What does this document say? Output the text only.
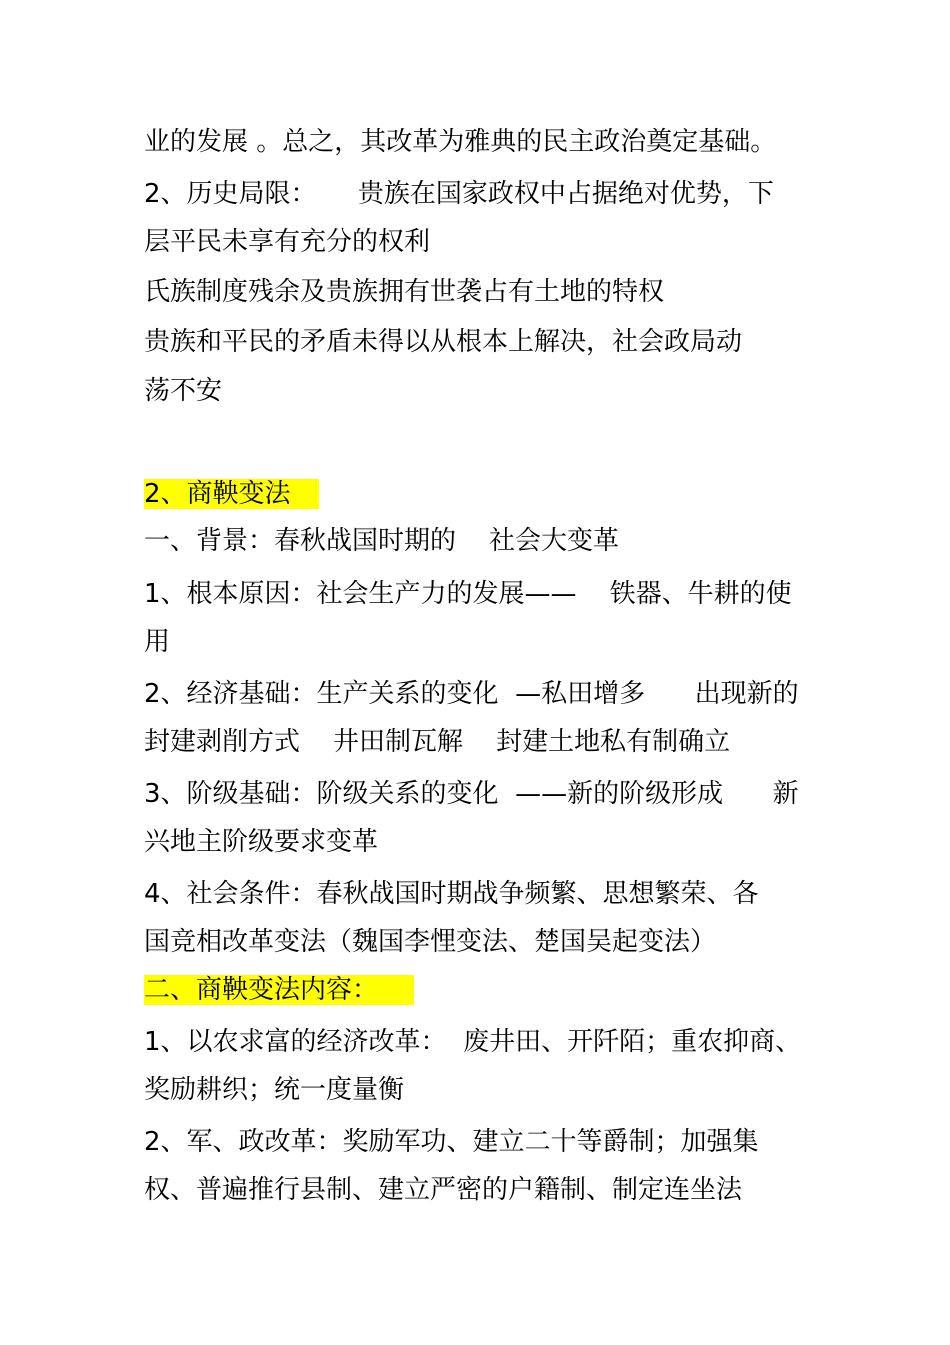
业的发展 。总之，其改革为雅典的民主政治奠定基础。

2、历史局限：     贵族在国家政权中占据绝对优势，下

层平民未享有充分的权利

氏族制度残余及贵族拥有世袭占有土地的特权

贵族和平民的矛盾未得以从根本上解决，社会政局动

荡不安

2、商鞅变法

一、背景：春秋战国时期的    社会大变革

1、根本原因：社会生产力的发展——    铁器、牛耕的使

用

2、经济基础：生产关系的变化  —私田增多      出现新的

封建剥削方式    井田制瓦解    封建土地私有制确立

3、阶级基础：阶级关系的变化  ——新的阶级形成      新

兴地主阶级要求变革

4、社会条件：春秋战国时期战争频繁、思想繁荣、各

国竞相改革变法（魏国李悝变法、楚国吴起变法）

二、商鞅变法内容：

1、以农求富的经济改革：  废井田、开阡陌；重农抑商、

奖励耕织；统一度量衡

2、军、政改革：奖励军功、建立二十等爵制；加强集

权、普遍推行县制、建立严密的户籍制、制定连坐法
